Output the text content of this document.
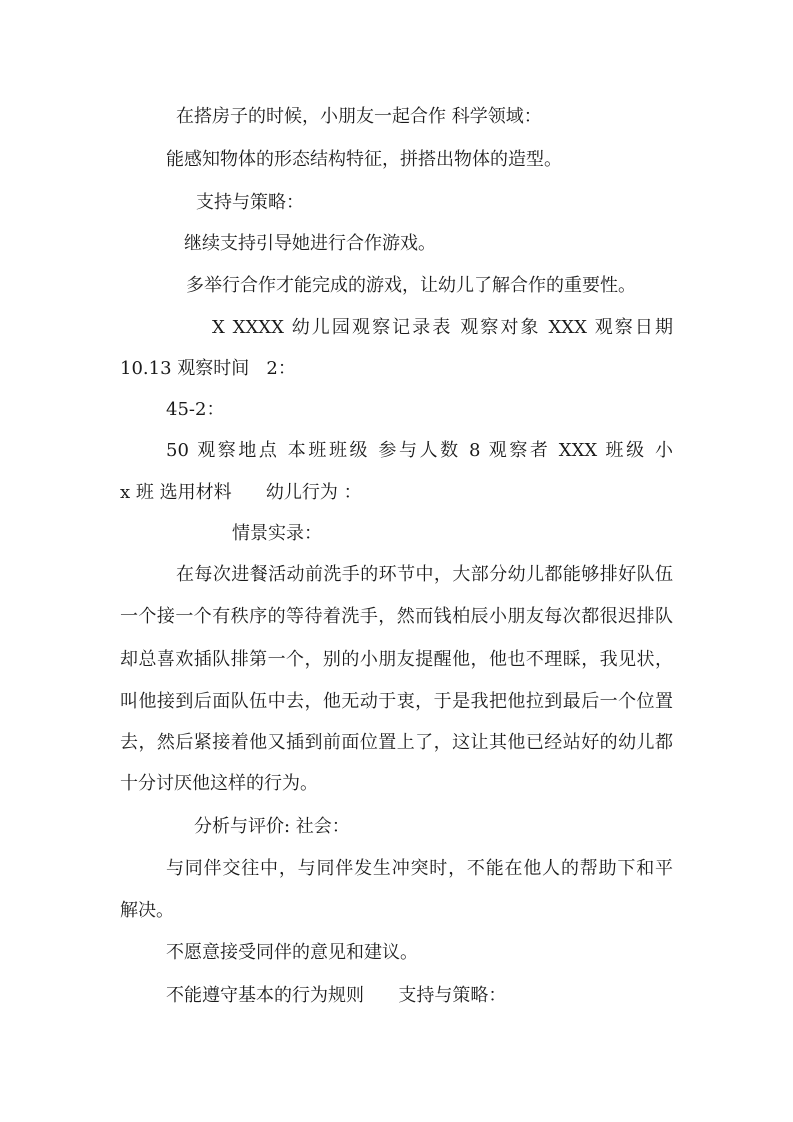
在搭房子的时候，小朋友一起合作 科学领域：

能感知物体的形态结构特征，拼搭出物体的造型。

支持与策略：

继续支持引导她进行合作游戏。

多举行合作才能完成的游戏，让幼儿了解合作的重要性。

X XXXX 幼儿园观察记录表 观察对象 XXX 观察日期

10.13 观察时间   2：

45-2：

50 观察地点 本班班级 参与人数 8 观察者 XXX 班级 小

x 班 选用材料      幼儿行为 ：

情景实录：

在每次进餐活动前洗手的环节中，大部分幼儿都能够排好队伍

一个接一个有秩序的等待着洗手，然而钱柏辰小朋友每次都很迟排队

却总喜欢插队排第一个，别的小朋友提醒他，他也不理睬，我见状，

叫他接到后面队伍中去，他无动于衷，于是我把他拉到最后一个位置

去，然后紧接着他又插到前面位置上了，这让其他已经站好的幼儿都

十分讨厌他这样的行为。

分析与评价: 社会：

与同伴交往中，与同伴发生冲突时，不能在他人的帮助下和平

解决。

不愿意接受同伴的意见和建议。

不能遵守基本的行为规则      支持与策略：
